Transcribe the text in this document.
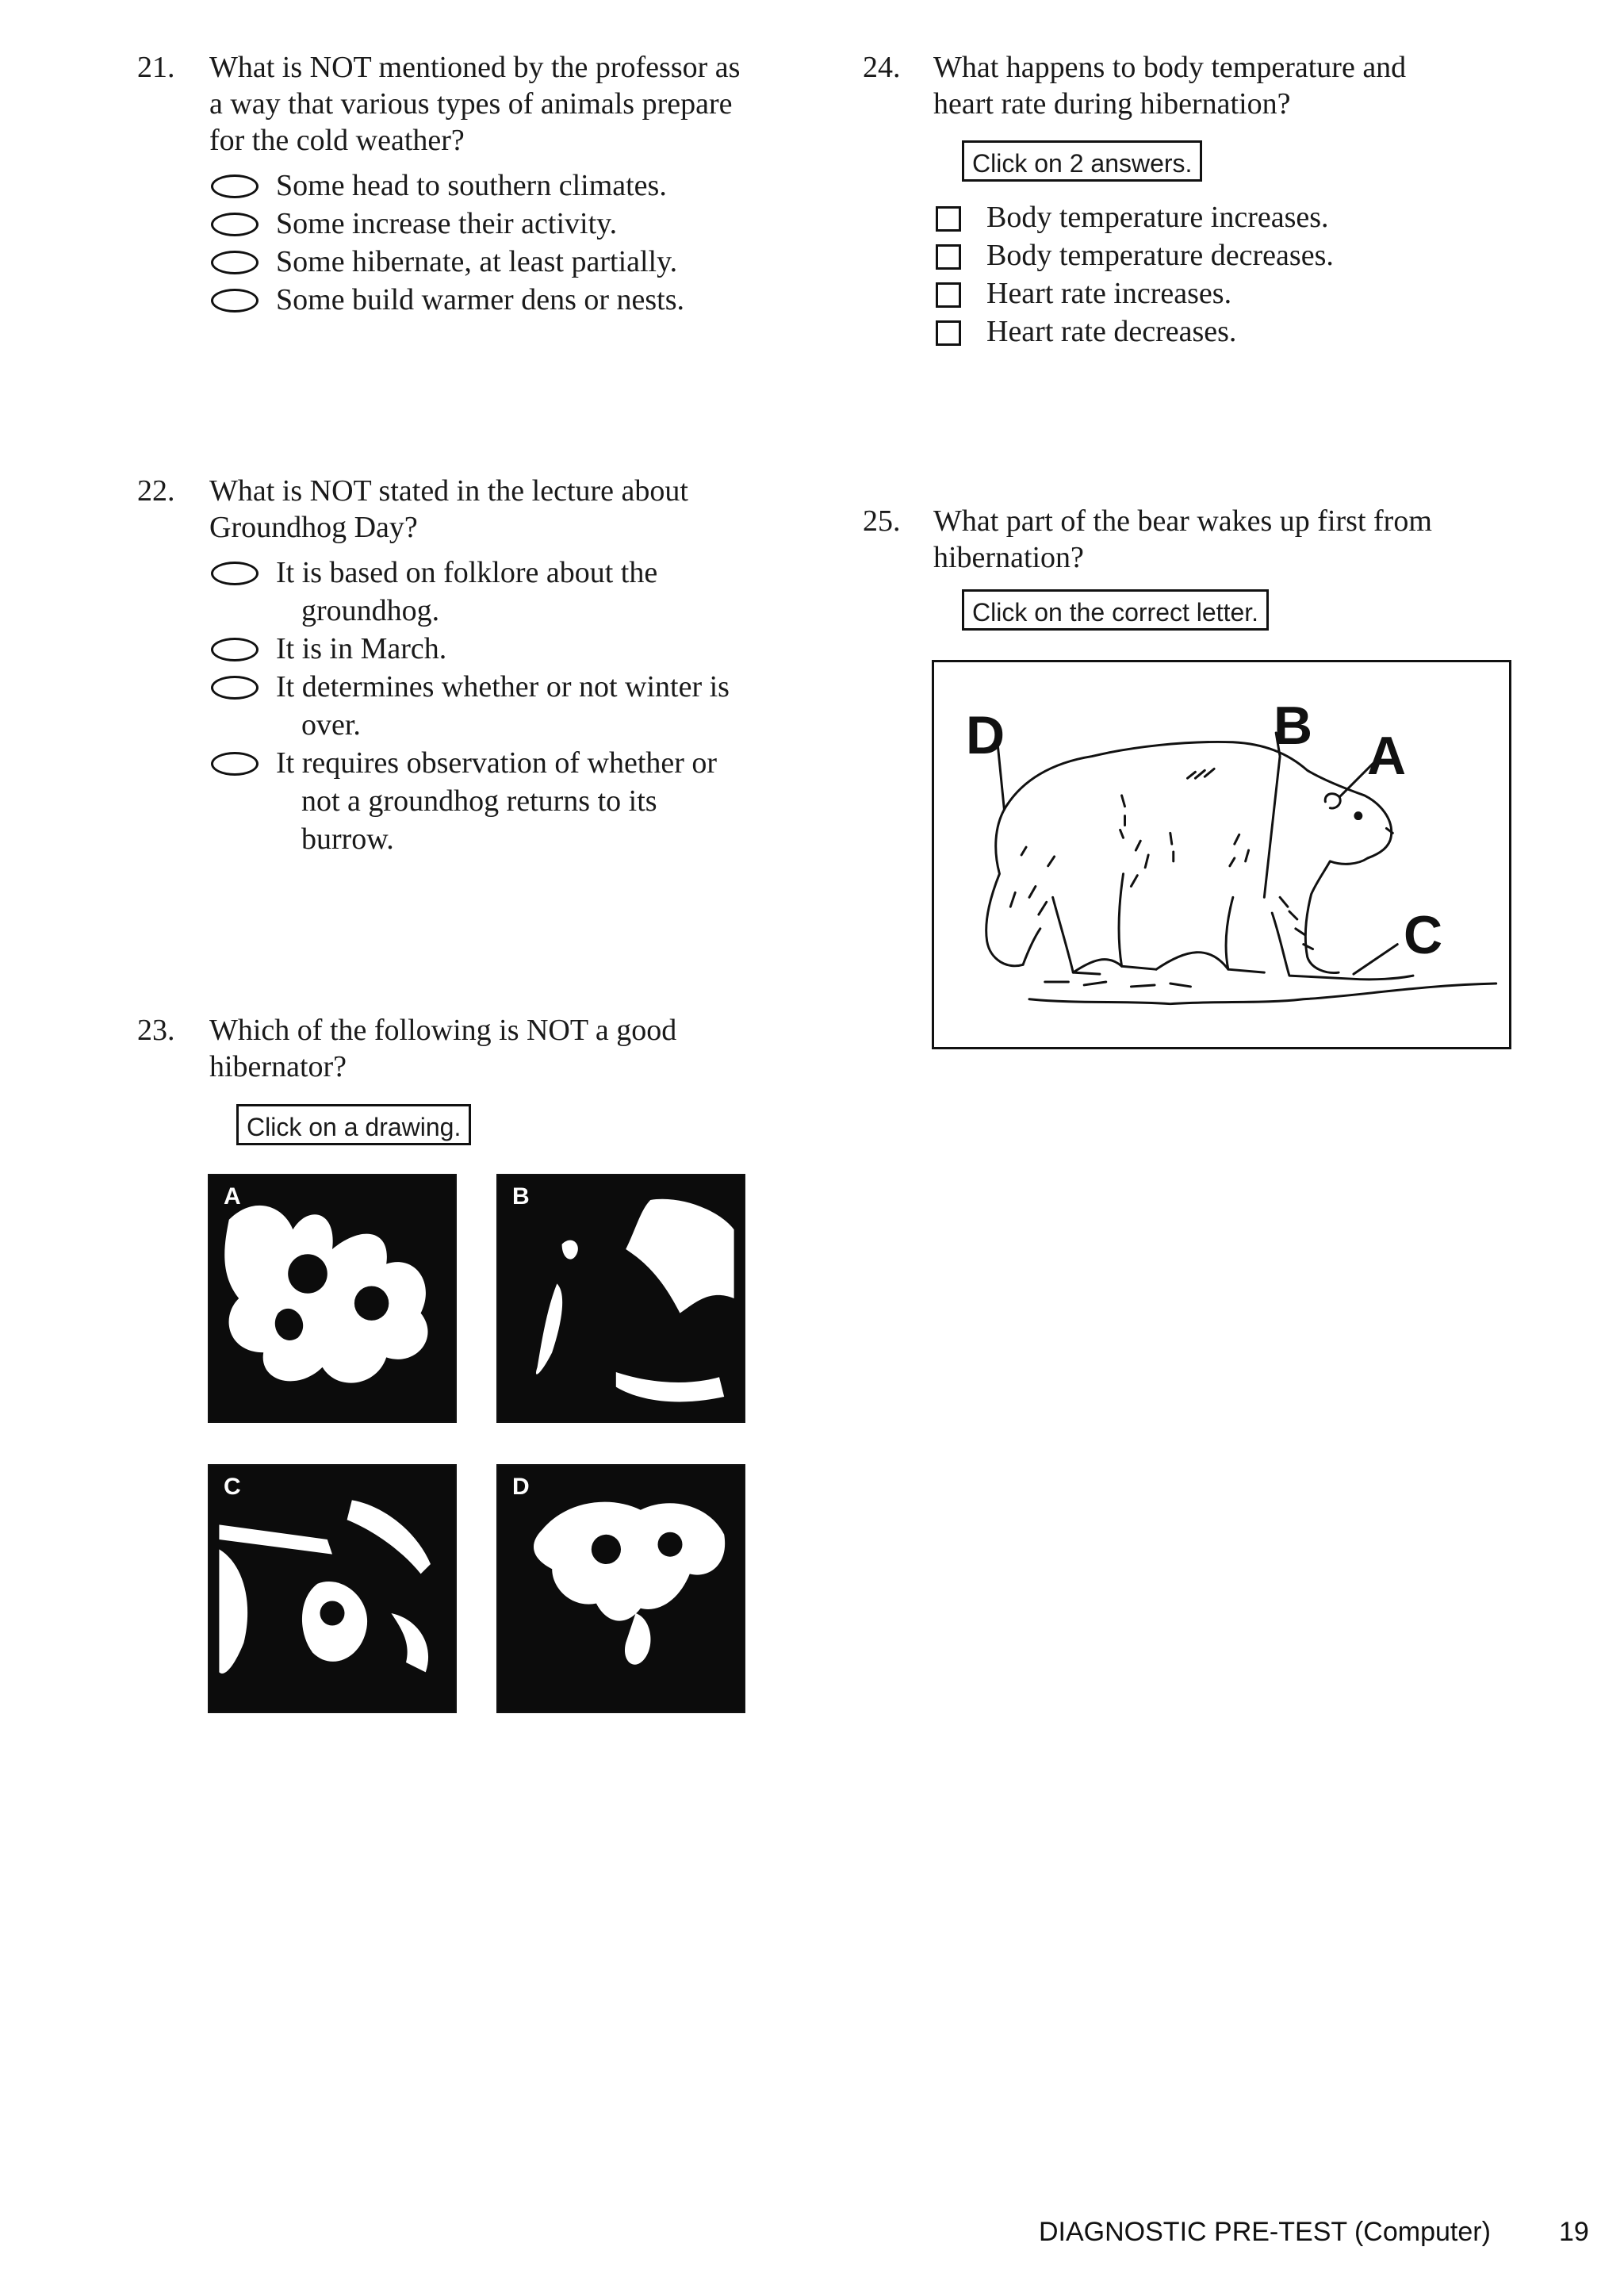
21. What is NOT mentioned by the professor as
a way that various types of animals prepare
for the cold weather?
Some head to southern climates.
Some increase their activity.
Some hibernate, at least partially.
Some build warmer dens or nests.
22. What is NOT stated in the lecture about
Groundhog Day?
It is based on folklore about the
groundhog.
It is in March.
It determines whether or not winter is
over.
It requires observation of whether or
not a groundhog returns to its
burrow.
23. Which of the following is NOT a good
hibernator?
Click on a drawing.
A	B
C	D
24. What happens to body temperature and
heart rate during hibernation?
Click on 2 answers.
Body temperature increases.
Body temperature decreases.
Heart rate increases.
Heart rate decreases.
25. What part of the bear wakes up first from
hibernation?
Click on the correct letter.
D	B A
C
DIAGNOSTIC PRE-TEST (Computer)	19
